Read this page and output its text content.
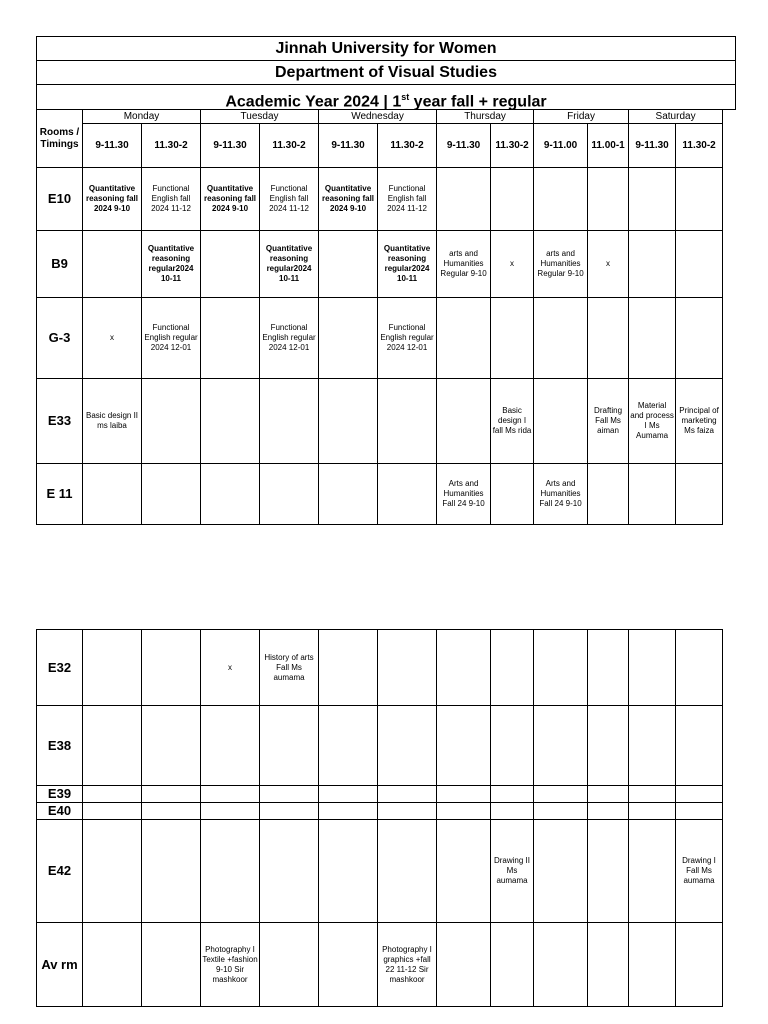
Jinnah University for Women
Department of Visual Studies
Academic Year 2024 | 1st year fall + regular
Rooms / Timings	Monday		Tuesday		Wednesday		Thursday		Friday		Saturday	
	9-11.30	11.30-2	9-11.30	11.30-2	9-11.30	11.30-2	9-11.30	11.30-2	9-11.00	11.00-1	9-11.30	11.30-2
E10	Quantitative reasoning fall 2024 9-10	Functional English fall 2024 11-12	Quantitative reasoning fall 2024 9-10	Functional English fall 2024 11-12	Quantitative reasoning fall 2024 9-10	Functional English fall 2024 11-12						
B9		Quantitative reasoning regular2024 10-11		Quantitative reasoning regular2024 10-11		Quantitative reasoning regular2024 10-11	arts and Humanities Regular 9-10	x	arts and Humanities Regular 9-10	x		
G-3	x	Functional English regular 2024 12-01		Functional English regular 2024 12-01		Functional English regular 2024 12-01						
E33	Basic design II ms laiba							Basic design I fall Ms rida		Drafting Fall Ms aiman	Material and process I Ms Aumama	Principal of marketing Ms faiza
E 11							Arts and Humanities Fall 24 9-10		Arts and Humanities Fall 24 9-10			
E32			x	History of arts Fall Ms aumama								
E38												
E39												
E40												
E42								Drawing II Ms aumama				Drawing I Fall Ms aumama
Av rm			Photography I Textile +fashion 9-10 Sir mashkoor			Photography I graphics +fall 22 11-12 Sir mashkoor						
